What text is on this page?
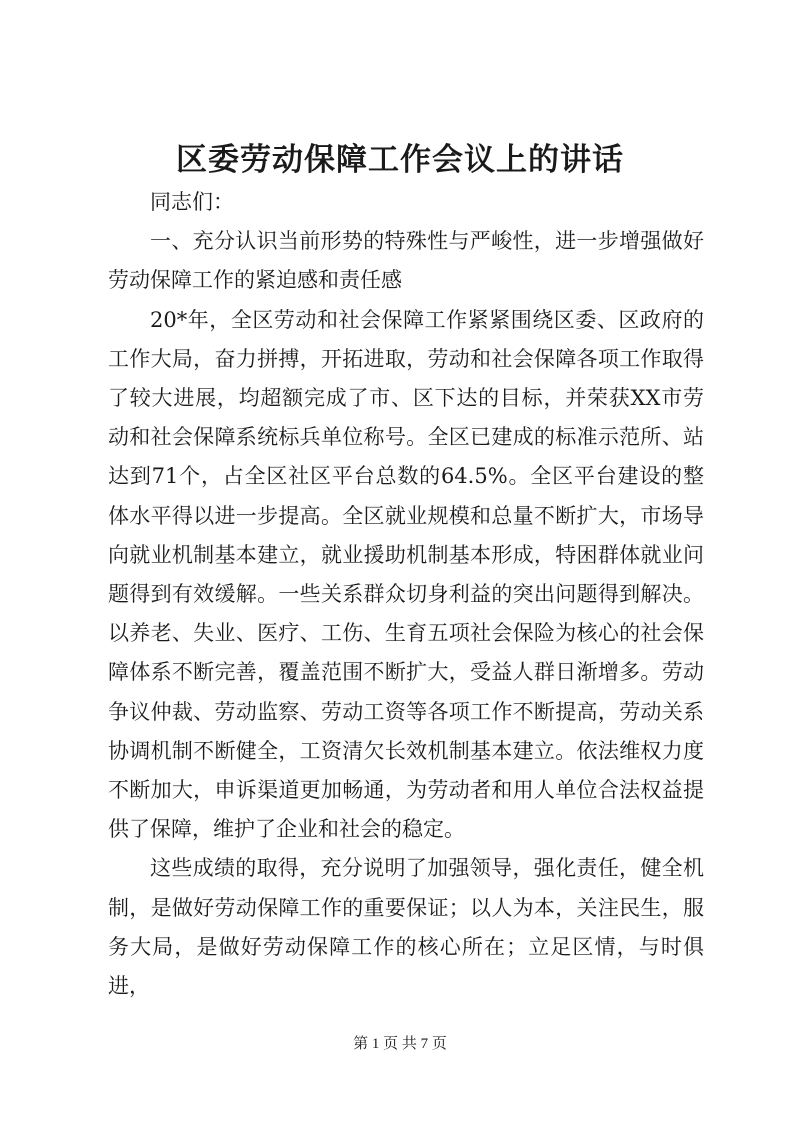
区委劳动保障工作会议上的讲话

同志们：

一、充分认识当前形势的特殊性与严峻性，进一步增强做好劳动保障工作的紧迫感和责任感

20*年，全区劳动和社会保障工作紧紧围绕区委、区政府的工作大局，奋力拼搏，开拓进取，劳动和社会保障各项工作取得了较大进展，均超额完成了市、区下达的目标，并荣获XX市劳动和社会保障系统标兵单位称号。全区已建成的标准示范所、站达到71个，占全区社区平台总数的64.5%。全区平台建设的整体水平得以进一步提高。全区就业规模和总量不断扩大，市场导向就业机制基本建立，就业援助机制基本形成，特困群体就业问题得到有效缓解。一些关系群众切身利益的突出问题得到解决。以养老、失业、医疗、工伤、生育五项社会保险为核心的社会保障体系不断完善，覆盖范围不断扩大，受益人群日渐增多。劳动争议仲裁、劳动监察、劳动工资等各项工作不断提高，劳动关系协调机制不断健全，工资清欠长效机制基本建立。依法维权力度不断加大，申诉渠道更加畅通，为劳动者和用人单位合法权益提供了保障，维护了企业和社会的稳定。

这些成绩的取得，充分说明了加强领导，强化责任，健全机制，是做好劳动保障工作的重要保证；以人为本，关注民生，服务大局，是做好劳动保障工作的核心所在；立足区情，与时俱进，

第 1 页 共 7 页
